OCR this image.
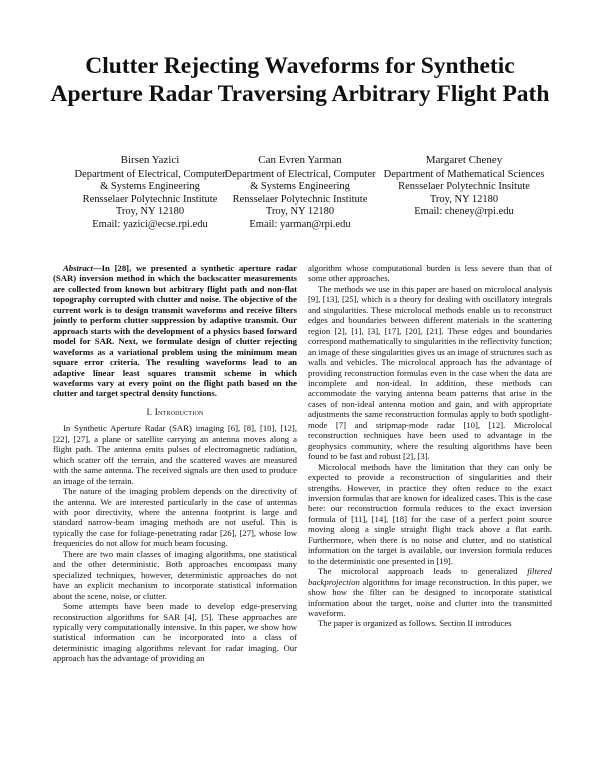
Clutter Rejecting Waveforms for Synthetic Aperture Radar Traversing Arbitrary Flight Path
Birsen Yazici
Department of Electrical, Computer
& Systems Engineering
Rensselaer Polytechnic Institute
Troy, NY 12180
Email: yazici@ecse.rpi.edu
Can Evren Yarman
Department of Electrical, Computer
& Systems Engineering
Rensselaer Polytechnic Institute
Troy, NY 12180
Email: yarman@rpi.edu
Margaret Cheney
Department of Mathematical Sciences
Rensselaer Polytechnic Insitute
Troy, NY 12180
Email: cheney@rpi.edu

Abstract—In [28], we presented a synthetic aperture radar (SAR) inversion method in which the backscatter measurements are collected from known but arbitrary flight path and non-flat topography corrupted with clutter and noise. The objective of the current work is to design transmit waveforms and receive filters jointly to perform clutter suppression by adaptive transmit. Our approach starts with the development of a physics based forward model for SAR. Next, we formulate design of clutter rejecting waveforms as a variational problem using the minimum mean square error criteria. The resulting waveforms lead to an adaptive linear least squares transmit scheme in which waveforms vary at every point on the flight path based on the clutter and target spectral density functions.

I. Introduction

In Synthetic Aperture Radar (SAR) imaging [6], [8], [10], [12], [22], [27], a plane or satellite carrying an antenna moves along a flight path. The antenna emits pulses of electromagnetic radiation, which scatter off the terrain, and the scattered waves are measured with the same antenna. The received signals are then used to produce an image of the terrain.

The nature of the imaging problem depends on the directivity of the antenna. We are interested particularly in the case of antennas with poor directivity, where the antenna footprint is large and standard narrow-beam imaging methods are not useful. This is typically the case for foliage-penetrating radar [26], [27], whose low frequencies do not allow for much beam focusing.

There are two main classes of imaging algorithms, one statistical and the other deterministic. Both approaches encompass many specialized techniques, however, deterministic approaches do not have an explicit mechanism to incorporate statistical information about the scene, noise, or clutter.

Some attempts have been made to develop edge-preserving reconstruction algorithms for SAR [4], [5]. These approaches are typically very computationally intensive. In this paper, we show how statistical information can be incorporated into a class of deterministic imaging algorithms relevant for radar imaging. Our approach has the advantage of providing an

algorithm whose computational burden is less severe than that of some other approaches.

The methods we use in this paper are based on microlocal analysis [9], [13], [25], which is a theory for dealing with oscillatory integrals and singularities. These microlocal methods enable us to reconstruct edges and boundaries between different materials in the scattering region [2], [1], [3], [17], [20], [21]. These edges and boundaries correspond mathematically to singularities in the reflectivity function; an image of these singularities gives us an image of structures such as walls and vehicles. The microlocal approach has the advantage of providing reconstruction formulas even in the case when the data are incomplete and non-ideal. In addition, these methods can accommodate the varying antenna beam patterns that arise in the cases of non-ideal antenna motion and gain, and with appropriate adjustments the same reconstruction formulas apply to both spotlight-mode [7] and stripmap-mode radar [10], [12]. Microlocal reconstruction techniques have been used to advantage in the geophysics community, where the resulting algorithms have been found to be fast and robust [2], [3].

Microlocal methods have the limitation that they can only be expected to provide a reconstruction of singularities and their strengths. However, in practice they often reduce to the exact inversion formulas that are known for idealized cases. This is the case here: our reconstruction formula reduces to the exact inversion formula of [11], [14], [18] for the case of a perfect point source moving along a single straight flight track above a flat earth. Furthermore, when there is no noise and clutter, and no statistical information on the target is available, our inversion formula reduces to the deterministic one presented in [19].

The microlocal aapproach leads to generalized filtered backprojection algorithms for image reconstruction. In this paper, we show how the filter can be designed to incorporate statistical information about the target, noise and clutter into the transmitted waveform.

The paper is organized as follows. Section II introduces
